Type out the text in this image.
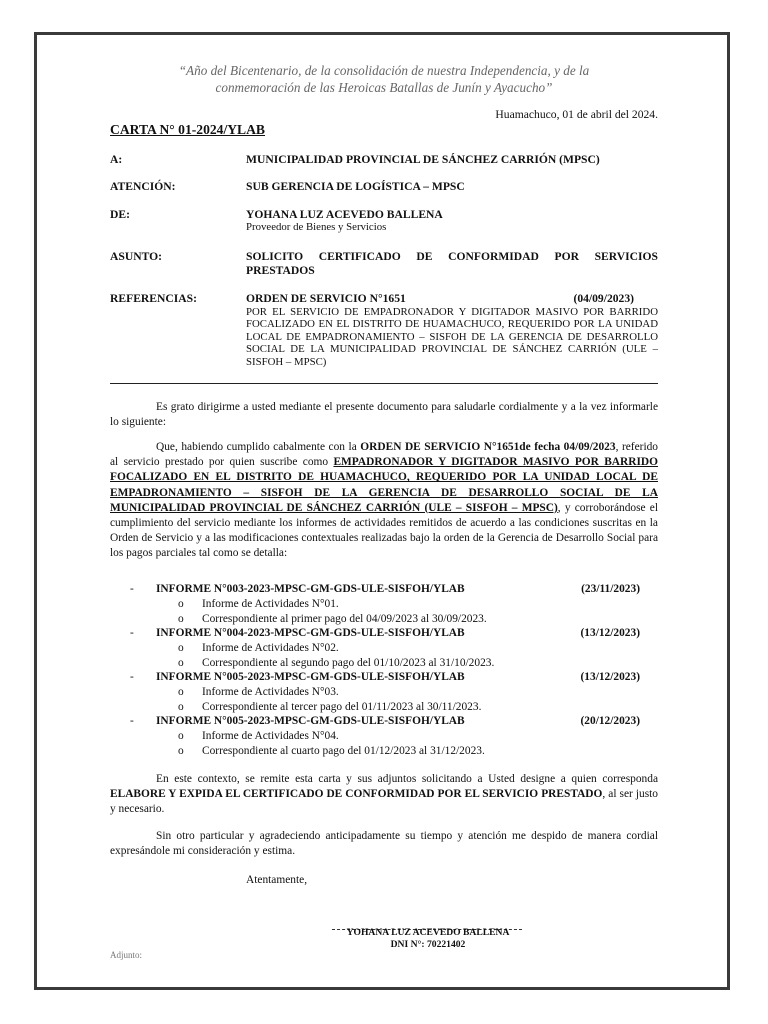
“Año del Bicentenario, de la consolidación de nuestra Independencia, y de la
conmemoración de las Heroicas Batallas de Junín y Ayacucho”
Huamachuco, 01 de abril del 2024.
CARTA N° 01-2024/YLAB
A:	MUNICIPALIDAD PROVINCIAL DE SÁNCHEZ CARRIÓN (MPSC)
ATENCIÓN:	SUB GERENCIA DE LOGÍSTICA – MPSC
DE:	YOHANA LUZ ACEVEDO BALLENA
Proveedor de Bienes y Servicios
ASUNTO:	SOLICITO CERTIFICADO DE CONFORMIDAD POR SERVICIOS PRESTADOS
REFERENCIAS:	ORDEN DE SERVICIO N°1651	(04/09/2023)
POR EL SERVICIO DE EMPADRONADOR Y DIGITADOR MASIVO POR BARRIDO FOCALIZADO EN EL DISTRITO DE HUAMACHUCO, REQUERIDO POR LA UNIDAD LOCAL DE EMPADRONAMIENTO – SISFOH DE LA GERENCIA DE DESARROLLO SOCIAL DE LA MUNICIPALIDAD PROVINCIAL DE SÁNCHEZ CARRIÓN (ULE – SISFOH – MPSC)
Es grato dirigirme a usted mediante el presente documento para saludarle cordialmente y a la vez informarle lo siguiente:
Que, habiendo cumplido cabalmente con la ORDEN DE SERVICIO N°1651de fecha 04/09/2023, referido al servicio prestado por quien suscribe como EMPADRONADOR Y DIGITADOR MASIVO POR BARRIDO FOCALIZADO EN EL DISTRITO DE HUAMACHUCO, REQUERIDO POR LA UNIDAD LOCAL DE EMPADRONAMIENTO – SISFOH DE LA GERENCIA DE DESARROLLO SOCIAL DE LA MUNICIPALIDAD PROVINCIAL DE SÁNCHEZ CARRIÓN (ULE – SISFOH – MPSC), y corroborándose el cumplimiento del servicio mediante los informes de actividades remitidos de acuerdo a las condiciones suscritas en la Orden de Servicio y a las modificaciones contextuales realizadas bajo la orden de la Gerencia de Desarrollo Social para los pagos parciales tal como se detalla:
- INFORME N°003-2023-MPSC-GM-GDS-ULE-SISFOH/YLAB	(23/11/2023)
o Informe de Actividades N°01.
o Correspondiente al primer pago del 04/09/2023 al 30/09/2023.
- INFORME N°004-2023-MPSC-GM-GDS-ULE-SISFOH/YLAB	(13/12/2023)
o Informe de Actividades N°02.
o Correspondiente al segundo pago del 01/10/2023 al 31/10/2023.
- INFORME N°005-2023-MPSC-GM-GDS-ULE-SISFOH/YLAB	(13/12/2023)
o Informe de Actividades N°03.
o Correspondiente al tercer pago del 01/11/2023 al 30/11/2023.
- INFORME N°005-2023-MPSC-GM-GDS-ULE-SISFOH/YLAB	(20/12/2023)
o Informe de Actividades N°04.
o Correspondiente al cuarto pago del 01/12/2023 al 31/12/2023.
En este contexto, se remite esta carta y sus adjuntos solicitando a Usted designe a quien corresponda ELABORE Y EXPIDA EL CERTIFICADO DE CONFORMIDAD POR EL SERVICIO PRESTADO, al ser justo y necesario.
Sin otro particular y agradeciendo anticipadamente su tiempo y atención me despido de manera cordial expresándole mi consideración y estima.
Atentamente,
YOHANA LUZ ACEVEDO BALLENA
DNI N°: 70221402
Adjunto:
